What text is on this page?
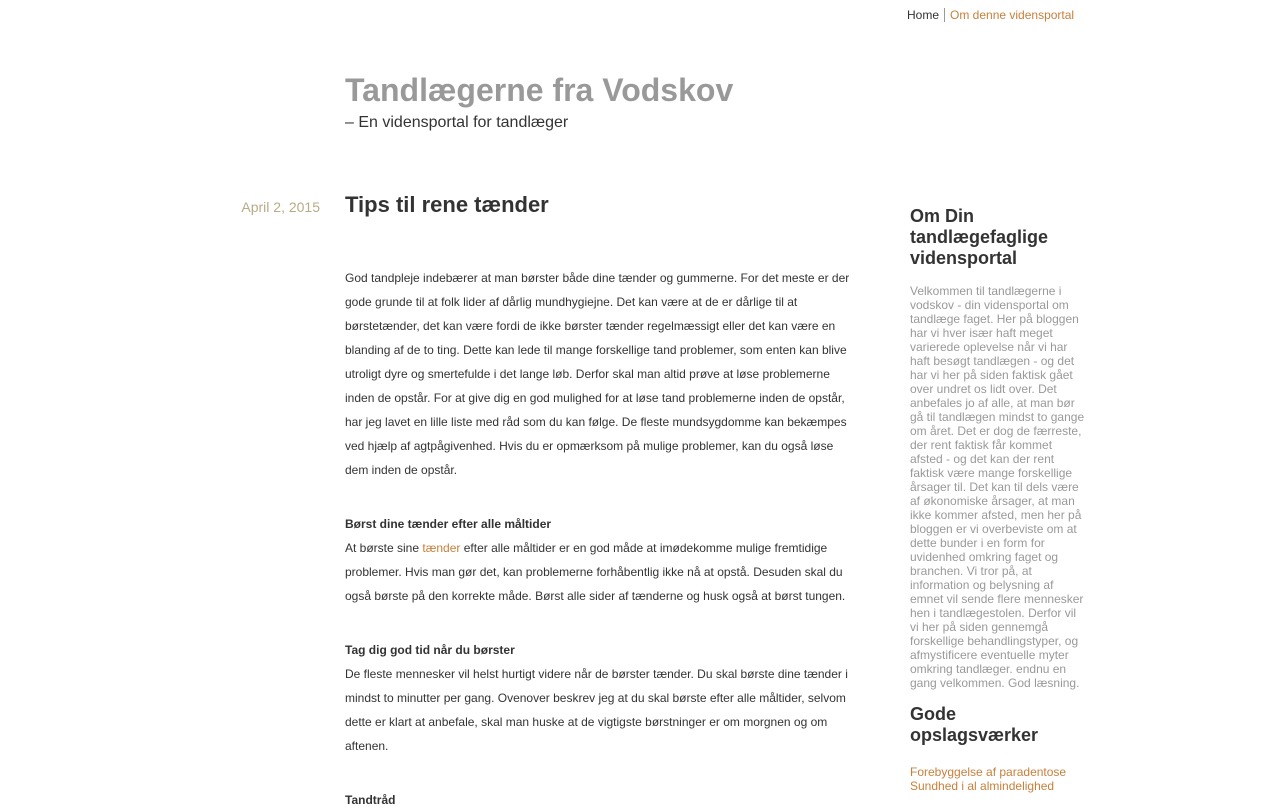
Home Om denne vidensportal
Tandlægerne fra Vodskov

– En vidensportal for tandlæger

April 2, 2015 Tips til rene tænder

God tandpleje indebærer at man børster både dine tænder og gummerne. For det meste er der gode grunde til at folk lider af dårlig mundhygiejne. Det kan være at de er dårlige til at børstetænder, det kan være fordi de ikke børster tænder regelmæssigt eller det kan være en blanding af de to ting. Dette kan lede til mange forskellige tand problemer, som enten kan blive utroligt dyre og smertefulde i det lange løb. Derfor skal man altid prøve at løse problemerne inden de opstår. For at give dig en god mulighed for at løse tand problemerne inden de opstår, har jeg lavet en lille liste med råd som du kan følge. De fleste mundsygdomme kan bekæmpes ved hjælp af agtpågivenhed. Hvis du er opmærksom på mulige problemer, kan du også løse dem inden de opstår.

Børst dine tænder efter alle måltider

At børste sine tænder efter alle måltider er en god måde at imødekomme mulige fremtidige problemer. Hvis man gør det, kan problemerne forhåbentlig ikke nå at opstå. Desuden skal du også børste på den korrekte måde. Børst alle sider af tænderne og husk også at børst tungen.

Tag dig god tid når du børster

De fleste mennesker vil helst hurtigt videre når de børster tænder. Du skal børste dine tænder i mindst to minutter per gang. Ovenover beskrev jeg at du skal børste efter alle måltider, selvom dette er klart at anbefale, skal man huske at de vigtigste børstninger er om morgnen og om aftenen.

Tandtråd
Om Din tandlægefaglige vidensportal

Velkommen til tandlægerne i vodskov - din vidensportal om tandlæge faget. Her på bloggen har vi hver især haft meget varierede oplevelse når vi har haft besøgt tandlægen - og det har vi her på siden faktisk gået over undret os lidt over. Det anbefales jo af alle, at man bør gå til tandlægen mindst to gange om året. Det er dog de færreste, der rent faktisk får kommet afsted - og det kan der rent faktisk være mange forskellige årsager til. Det kan til dels være af økonomiske årsager, at man ikke kommer afsted, men her på bloggen er vi overbeviste om at dette bunder i en form for uvidenhed omkring faget og branchen. Vi tror på, at information og belysning af emnet vil sende flere mennesker hen i tandlægestolen. Derfor vil vi her på siden gennemgå forskellige behandlingstyper, og afmystificere eventuelle myter omkring tandlæger. endnu en gang velkommen. God læsning.

Gode opslagsværker
Forebyggelse af paradentose
Sundhed i al almindelighed
